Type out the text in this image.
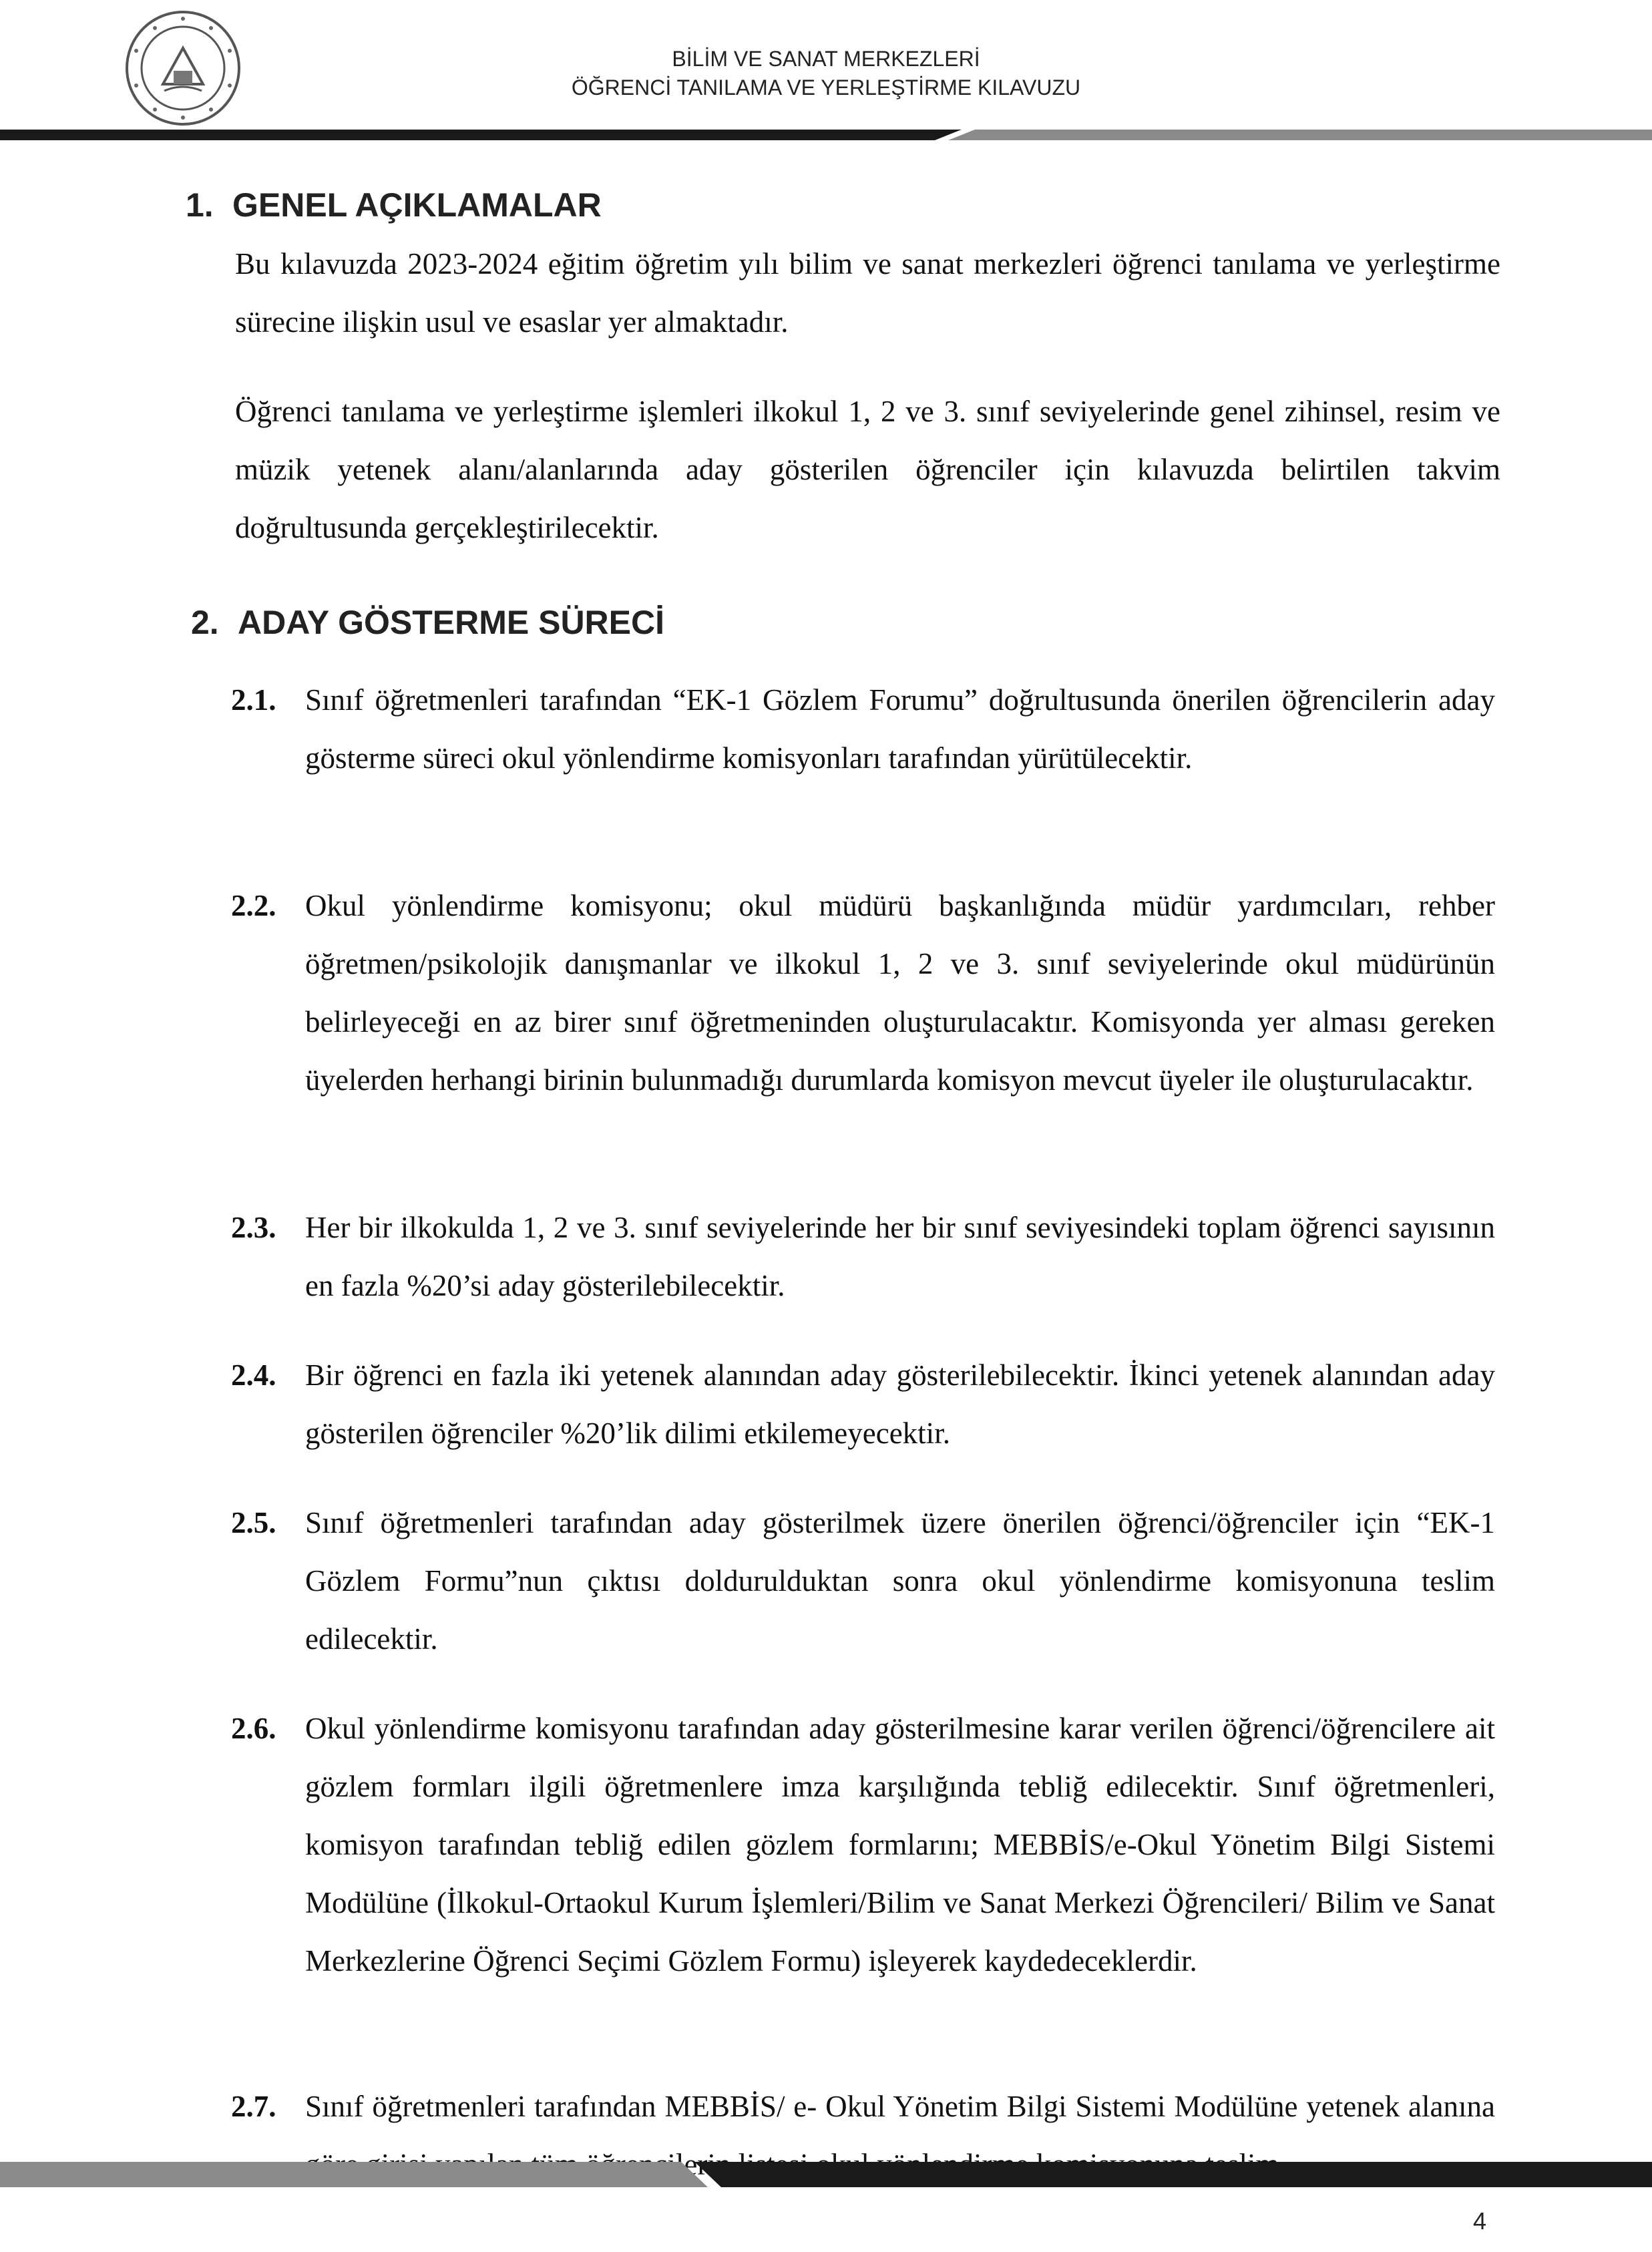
BİLİM VE SANAT MERKEZLERİ
ÖĞRENCİ TANILAMA VE YERLEŞTİRME KILAVUZU
1. GENEL AÇIKLAMALAR

Bu kılavuzda 2023-2024 eğitim öğretim yılı bilim ve sanat merkezleri öğrenci tanılama ve yerleştirme sürecine ilişkin usul ve esaslar yer almaktadır.

Öğrenci tanılama ve yerleştirme işlemleri ilkokul 1, 2 ve 3. sınıf seviyelerinde genel zihinsel, resim ve müzik yetenek alanı/alanlarında aday gösterilen öğrenciler için kılavuzda belirtilen takvim doğrultusunda gerçekleştirilecektir.

2. ADAY GÖSTERME SÜRECİ
2.1. Sınıf öğretmenleri tarafından “EK-1 Gözlem Forumu” doğrultusunda önerilen öğrencilerin aday gösterme süreci okul yönlendirme komisyonları tarafından yürütülecektir.
2.2. Okul yönlendirme komisyonu; okul müdürü başkanlığında müdür yardımcıları, rehber öğretmen/psikolojik danışmanlar ve ilkokul 1, 2 ve 3. sınıf seviyelerinde okul müdürünün belirleyeceği en az birer sınıf öğretmeninden oluşturulacaktır. Komisyonda yer alması gereken üyelerden herhangi birinin bulunmadığı durumlarda komisyon mevcut üyeler ile oluşturulacaktır.
2.3. Her bir ilkokulda 1, 2 ve 3. sınıf seviyelerinde her bir sınıf seviyesindeki toplam öğrenci sayısının en fazla %20’si aday gösterilebilecektir.
2.4. Bir öğrenci en fazla iki yetenek alanından aday gösterilebilecektir. İkinci yetenek alanından aday gösterilen öğrenciler %20’lik dilimi etkilemeyecektir.
2.5. Sınıf öğretmenleri tarafından aday gösterilmek üzere önerilen öğrenci/öğrenciler için “EK-1 Gözlem Formu”nun çıktısı doldurulduktan sonra okul yönlendirme komisyonuna teslim edilecektir.
2.6. Okul yönlendirme komisyonu tarafından aday gösterilmesine karar verilen öğrenci/öğrencilere ait gözlem formları ilgili öğretmenlere imza karşılığında tebliğ edilecektir. Sınıf öğretmenleri, komisyon tarafından tebliğ edilen gözlem formlarını; MEBBİS/e-Okul Yönetim Bilgi Sistemi Modülüne (İlkokul-Ortaokul Kurum İşlemleri/Bilim ve Sanat Merkezi Öğrencileri/ Bilim ve Sanat Merkezlerine Öğrenci Seçimi Gözlem Formu) işleyerek kaydedeceklerdir.
2.7. Sınıf öğretmenleri tarafından MEBBİS/ e- Okul Yönetim Bilgi Sistemi Modülüne yetenek alanına
4
